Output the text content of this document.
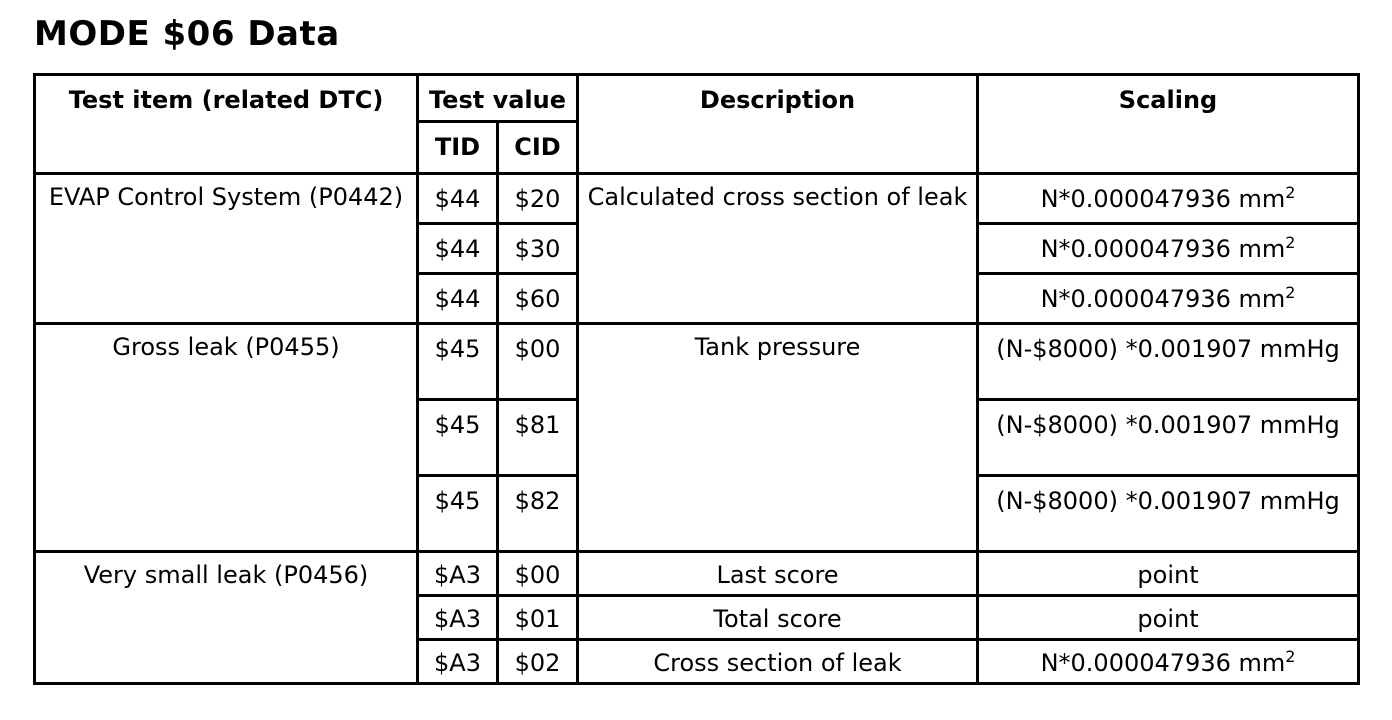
MODE $06 Data
Test item (related DTC)	Test value		Description	Scaling
	TID	CID		
EVAP Control System (P0442)	$44	$20	Calculated cross section of leak	N*0.000047936 $mm^2$
	$44	$30		N*0.000047936 $mm^2$
	$44	$60		N*0.000047936 $mm^2$
Gross leak (P0455)	$45	$00	Tank pressure	(N-$8000) *0.001907 mmHg
	$45	$81		(N-$8000) *0.001907 mmHg
	$45	$82		(N-$8000) *0.001907 mmHg
Very small leak (P0456)	$A3	$00	Last score	point
	$A3	$01	Total score	point
	$A3	$02	Cross section of leak	N*0.000047936 $mm^2$
